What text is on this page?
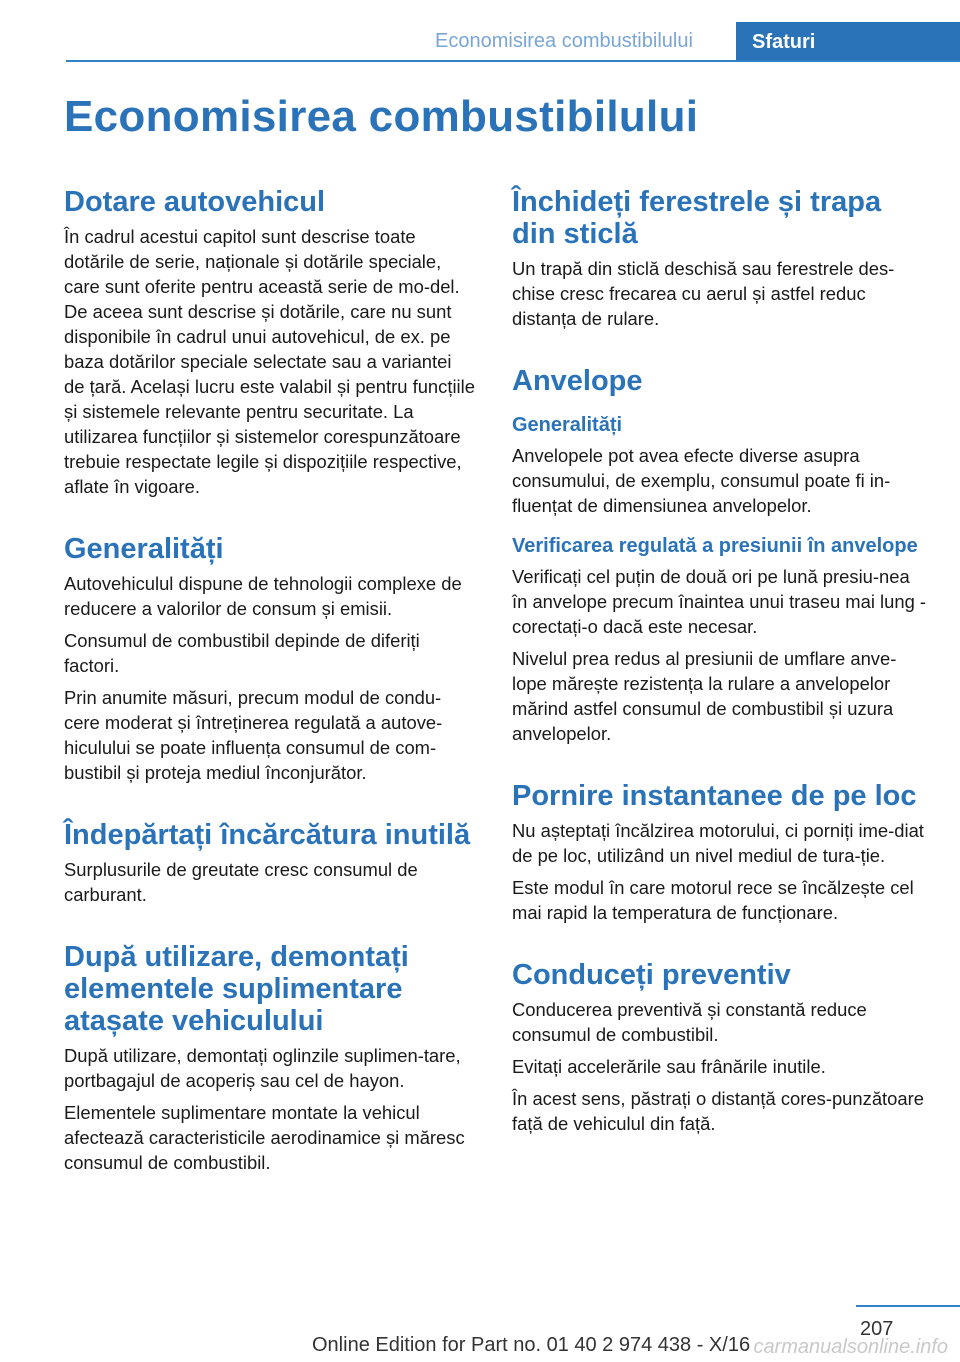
Economisirea combustibilului	Sfaturi
Economisirea combustibilului
Dotare autovehicul

În cadrul acestui capitol sunt descrise toate dotările de serie, naționale și dotările speciale, care sunt oferite pentru această serie de mo‐del. De aceea sunt descrise și dotările, care nu sunt disponibile în cadrul unui autovehicul, de ex. pe baza dotărilor speciale selectate sau a variantei de țară. Același lucru este valabil și pentru funcțiile și sistemele relevante pentru securitate. La utilizarea funcțiilor și sistemelor corespunzătoare trebuie respectate legile și dispozițiile respective, aflate în vigoare.

Generalități

Autovehiculul dispune de tehnologii complexe de reducere a valorilor de consum și emisii.

Consumul de combustibil depinde de diferiți factori.

Prin anumite măsuri, precum modul de condu‐cere moderat și întreținerea regulată a autove‐hiculului se poate influența consumul de com‐bustibil și proteja mediul înconjurător.

Îndepărtați încărcătura inutilă

Surplusurile de greutate cresc consumul de carburant.

După utilizare, demontați elementele suplimentare atașate vehiculului

După utilizare, demontați oglinzile suplimen‐tare, portbagajul de acoperiș sau cel de hayon.

Elementele suplimentare montate la vehicul afectează caracteristicile aerodinamice și măresc consumul de combustibil.

Închideți ferestrele și trapa din sticlă

Un trapă din sticlă deschisă sau ferestrele des‐chise cresc frecarea cu aerul și astfel reduc distanța de rulare.

Anvelope
Generalități

Anvelopele pot avea efecte diverse asupra consumului, de exemplu, consumul poate fi in‐fluențat de dimensiunea anvelopelor.

Verificarea regulată a presiunii în anvelope

Verificați cel puțin de două ori pe lună presiu‐nea în anvelope precum înaintea unui traseu mai lung - corectați-o dacă este necesar.

Nivelul prea redus al presiunii de umflare anve‐lope mărește rezistența la rulare a anvelopelor mărind astfel consumul de combustibil și uzura anvelopelor.

Pornire instantanee de pe loc

Nu așteptați încălzirea motorului, ci porniți ime‐diat de pe loc, utilizând un nivel mediul de tura‐ție.

Este modul în care motorul rece se încălzește cel mai rapid la temperatura de funcționare.

Conduceți preventiv

Conducerea preventivă și constantă reduce consumul de combustibil.

Evitați accelerările sau frânările inutile.

În acest sens, păstrați o distanță cores‐punzătoare față de vehiculul din față.

207
Online Edition for Part no. 01 40 2 974 438 - X/16 carmanualsonline.info
